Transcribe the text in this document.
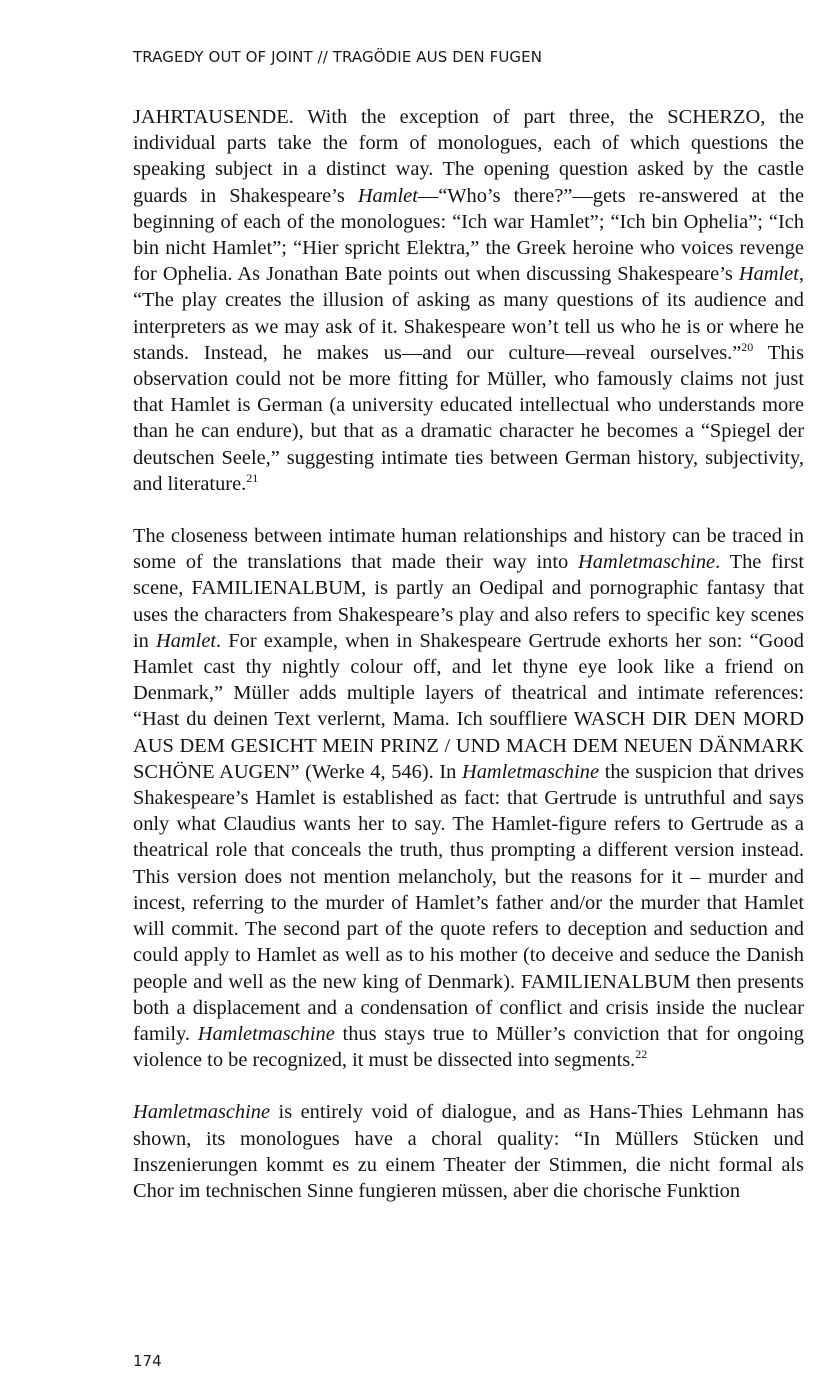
TRAGEDY OUT OF JOINT // TRAGÖDIE AUS DEN FUGEN

JAHRTAUSENDE. With the exception of part three, the SCHERZO, the individual parts take the form of monologues, each of which questions the speaking subject in a distinct way. The opening question asked by the castle guards in Shakespeare’s Hamlet—“Who’s there?”—gets re-answered at the beginning of each of the monologues: “Ich war Hamlet”; “Ich bin Ophelia”; “Ich bin nicht Hamlet”; “Hier spricht Elektra,” the Greek heroine who voices revenge for Ophelia. As Jonathan Bate points out when discussing Shakespeare’s Hamlet, “The play creates the illusion of asking as many questions of its audience and interpreters as we may ask of it. Shakespeare won’t tell us who he is or where he stands. Instead, he makes us—and our culture—reveal ourselves.”$^{20}$ This observation could not be more fitting for Müller, who famously claims not just that Hamlet is German (a university educated intellectual who understands more than he can endure), but that as a dramatic character he becomes a “Spiegel der deutschen Seele,” suggesting intimate ties between German history, subjectivity, and literature.$^{21}$

The closeness between intimate human relationships and history can be traced in some of the translations that made their way into Hamletmaschine. The first scene, FAMILIENALBUM, is partly an Oedipal and pornographic fantasy that uses the characters from Shakespeare’s play and also refers to specific key scenes in Hamlet. For example, when in Shakespeare Gertrude exhorts her son: “Good Hamlet cast thy nightly colour off, and let thyne eye look like a friend on Denmark,” Müller adds multiple layers of theatrical and intimate references: “Hast du deinen Text verlernt, Mama. Ich souffliere WASCH DIR DEN MORD AUS DEM GESICHT MEIN PRINZ / UND MACH DEM NEUEN DÄNMARK SCHÖNE AUGEN” (Werke 4, 546). In Hamletmaschine the suspicion that drives Shakespeare’s Hamlet is established as fact: that Gertrude is untruthful and says only what Claudius wants her to say. The Hamlet-figure refers to Gertrude as a theatrical role that conceals the truth, thus prompting a different version instead. This version does not mention melancholy, but the reasons for it – murder and incest, referring to the murder of Hamlet’s father and/or the murder that Hamlet will commit. The second part of the quote refers to deception and seduction and could apply to Hamlet as well as to his mother (to deceive and seduce the Danish people and well as the new king of Denmark). FAMILIENALBUM then presents both a displacement and a condensation of conflict and crisis inside the nuclear family. Hamletmaschine thus stays true to Müller’s conviction that for ongoing violence to be recognized, it must be dissected into segments.$^{22}$

Hamletmaschine is entirely void of dialogue, and as Hans-Thies Lehmann has shown, its monologues have a choral quality: “In Müllers Stücken und Inszenierungen kommt es zu einem Theater der Stimmen, die nicht formal als Chor im technischen Sinne fungieren müssen, aber die chorische Funktion

174
